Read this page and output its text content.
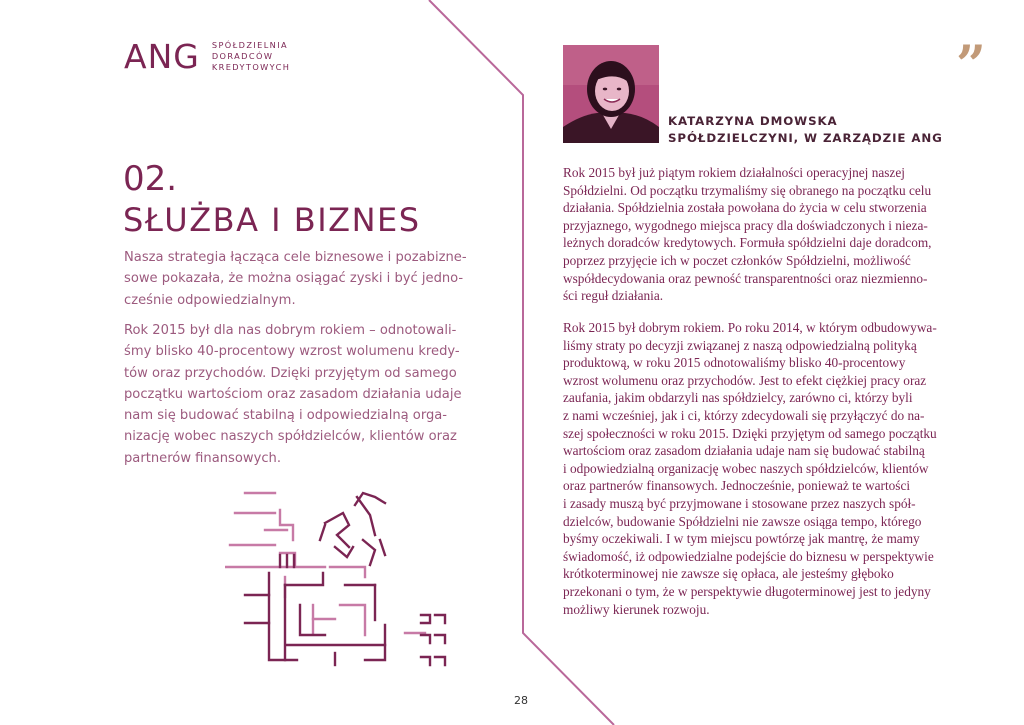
ANG SPÓŁDZIELNIA
DORADCÓW
KREDYTOWYCH
02.
SŁUŻBA I BIZNES

Nasza strategia łącząca cele biznesowe i pozabizne-
sowe pokazała, że można osiągać zyski i być jedno-
cześnie odpowiedzialnym.

Rok 2015 był dla nas dobrym rokiem – odnotowali-
śmy blisko 40-procentowy wzrost wolumenu kredy-
tów oraz przychodów. Dzięki przyjętym od samego
początku wartościom oraz zasadom działania udaje
nam się budować stabilną i odpowiedzialną orga-
nizację wobec naszych spółdzielców, klientów oraz
partnerów finansowych.

”
KATARZYNA DMOWSKA
SPÓŁDZIELCZYNI, W ZARZĄDZIE ANG

Rok 2015 był już piątym rokiem działalności operacyjnej naszej
Spółdzielni. Od początku trzymaliśmy się obranego na początku celu
działania. Spółdzielnia została powołana do życia w celu stworzenia
przyjaznego, wygodnego miejsca pracy dla doświadczonych i nieza-
leżnych doradców kredytowych. Formuła spółdzielni daje doradcom,
poprzez przyjęcie ich w poczet członków Spółdzielni, możliwość
współdecydowania oraz pewność transparentności oraz niezmienno-
ści reguł działania.

Rok 2015 był dobrym rokiem. Po roku 2014, w którym odbudowywa-
liśmy straty po decyzji związanej z naszą odpowiedzialną polityką
produktową, w roku 2015 odnotowaliśmy blisko 40-procentowy
wzrost wolumenu oraz przychodów. Jest to efekt ciężkiej pracy oraz
zaufania, jakim obdarzyli nas spółdzielcy, zarówno ci, którzy byli
z nami wcześniej, jak i ci, którzy zdecydowali się przyłączyć do na-
szej społeczności w roku 2015. Dzięki przyjętym od samego początku
wartościom oraz zasadom działania udaje nam się budować stabilną
i odpowiedzialną organizację wobec naszych spółdzielców, klientów
oraz partnerów finansowych. Jednocześnie, ponieważ te wartości
i zasady muszą być przyjmowane i stosowane przez naszych spół-
dzielców, budowanie Spółdzielni nie zawsze osiąga tempo, którego
byśmy oczekiwali. I w tym miejscu powtórzę jak mantrę, że mamy
świadomość, iż odpowiedzialne podejście do biznesu w perspektywie
krótkoterminowej nie zawsze się opłaca, ale jesteśmy głęboko
przekonani o tym, że w perspektywie długoterminowej jest to jedyny
możliwy kierunek rozwoju.

28
